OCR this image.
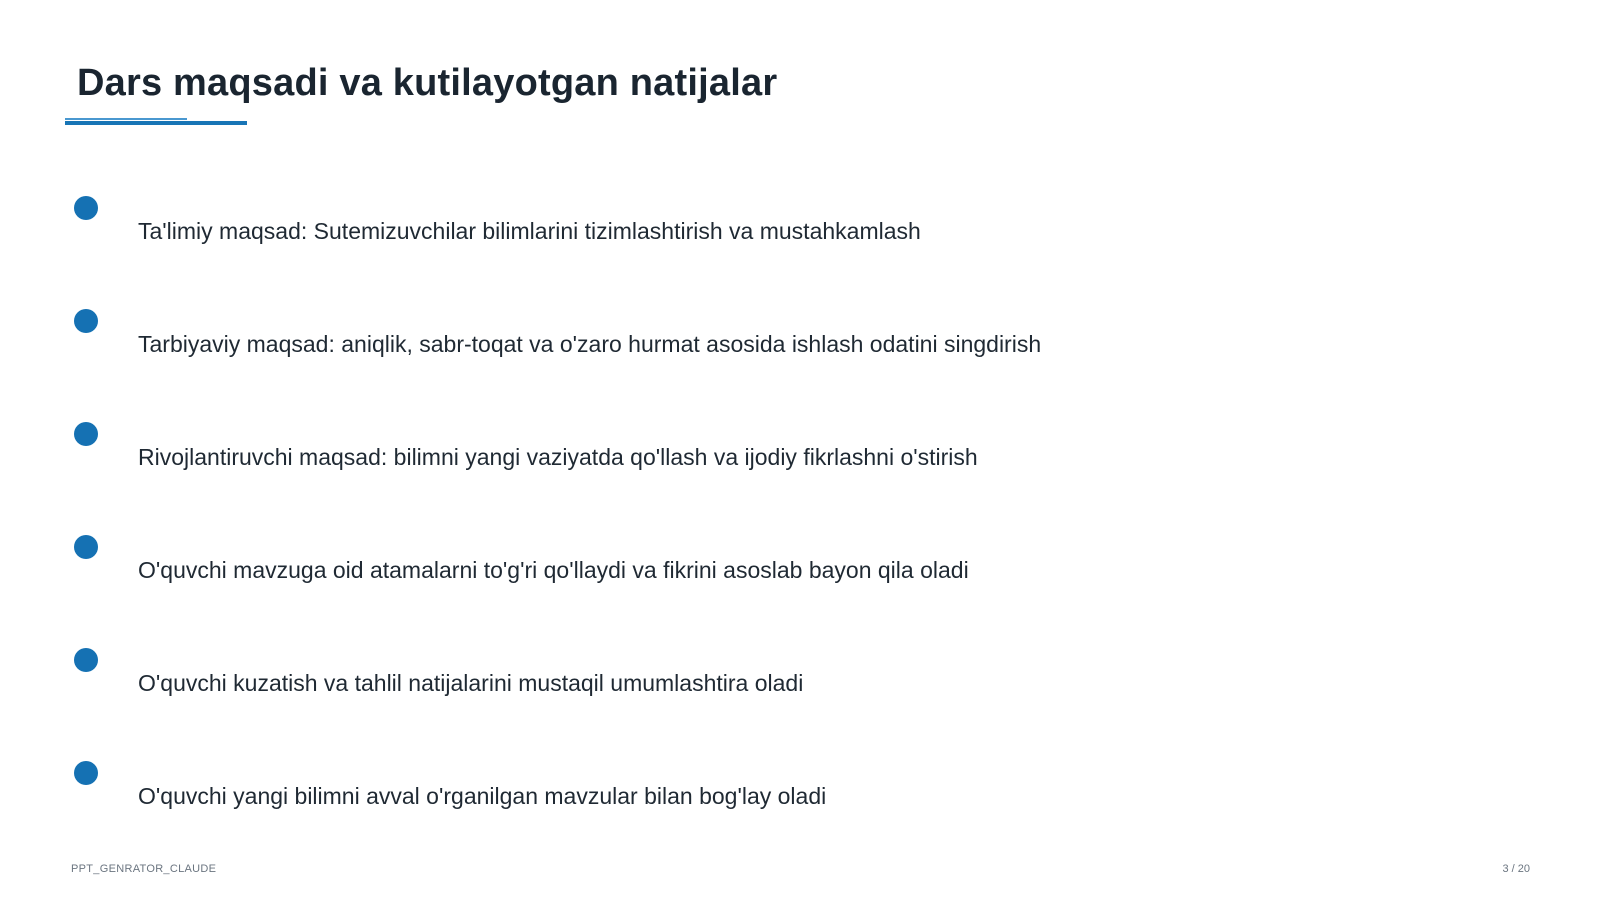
Dars maqsadi va kutilayotgan natijalar
Ta'limiy maqsad: Sutemizuvchilar bilimlarini tizimlashtirish va mustahkamlash
Tarbiyaviy maqsad: aniqlik, sabr-toqat va o'zaro hurmat asosida ishlash odatini singdirish
Rivojlantiruvchi maqsad: bilimni yangi vaziyatda qo'llash va ijodiy fikrlashni o'stirish
O'quvchi mavzuga oid atamalarni to'g'ri qo'llaydi va fikrini asoslab bayon qila oladi
O'quvchi kuzatish va tahlil natijalarini mustaqil umumlashtira oladi
O'quvchi yangi bilimni avval o'rganilgan mavzular bilan bog'lay oladi
PPT_GENRATOR_CLAUDE	3 / 20
